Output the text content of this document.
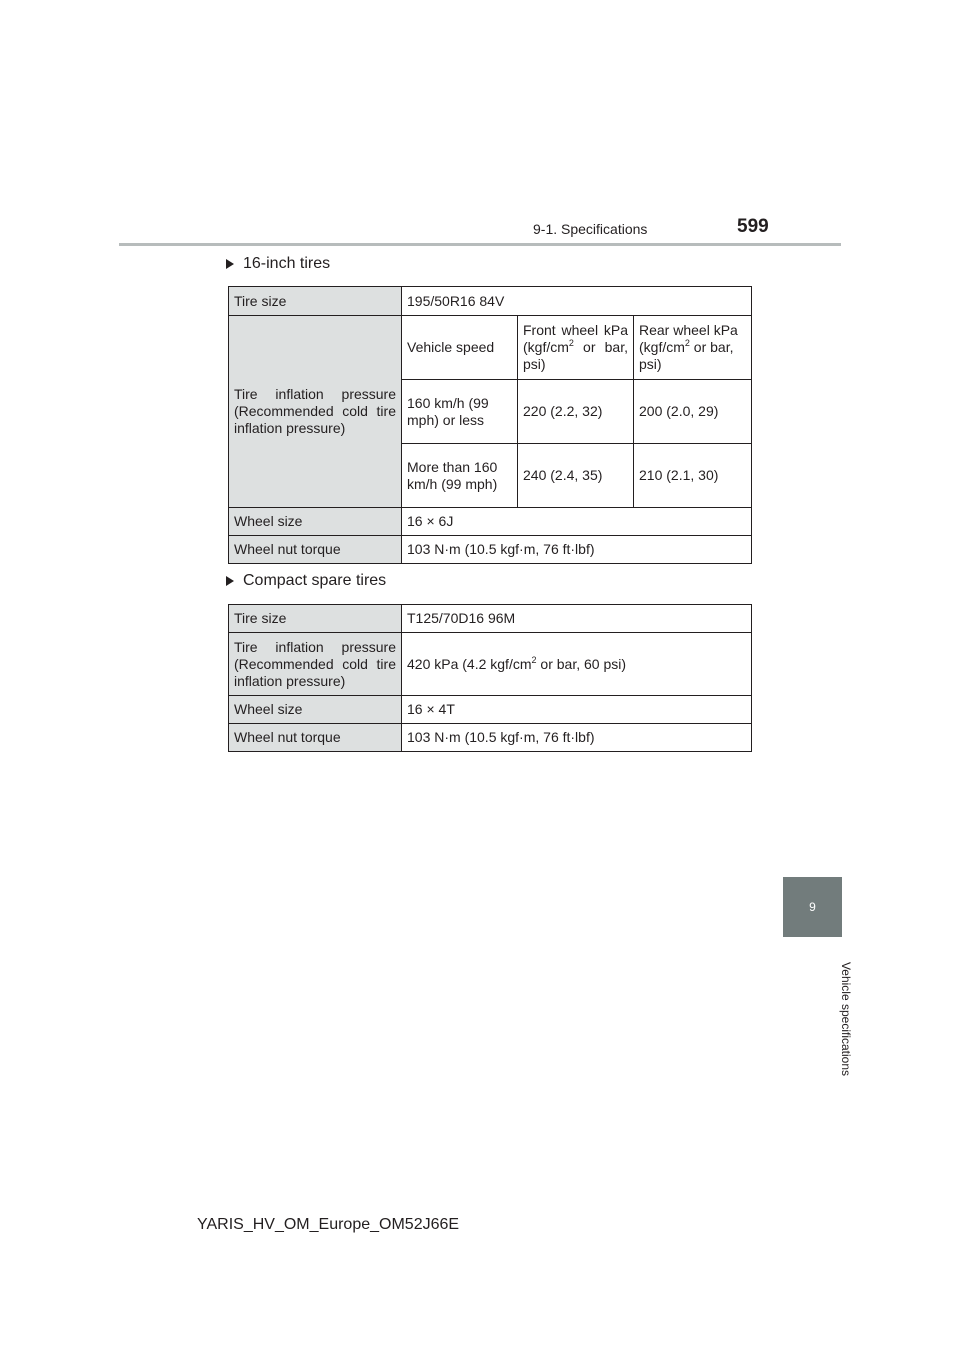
9-1. Specifications	599
16-inch tires
Tire size	195/50R16 84V		
Tire inflation pressure (Recommended cold tire inflation pressure)	Vehicle speed	Front wheel kPa ($kgf/cm^2$ or bar, psi)	Rear wheel kPa ($kgf/cm^2$ or bar, psi)
	160 km/h (99 mph) or less	220 (2.2, 32)	200 (2.0, 29)
	More than 160 km/h (99 mph)	240 (2.4, 35)	210 (2.1, 30)
Wheel size	16 × 6J		
Wheel nut torque	103 N·m (10.5 kgf·m, 76 ft·lbf)		
Compact spare tires
Tire size	T125/70D16 96M
Tire inflation pressure (Recommended cold tire inflation pressure)	420 kPa (4.2 kgf/$cm^2$ or bar, 60 psi)
Wheel size	16 × 4T
Wheel nut torque	103 N·m (10.5 kgf·m, 76 ft·lbf)
9
Vehicle specifications
YARIS_HV_OM_Europe_OM52J66E
